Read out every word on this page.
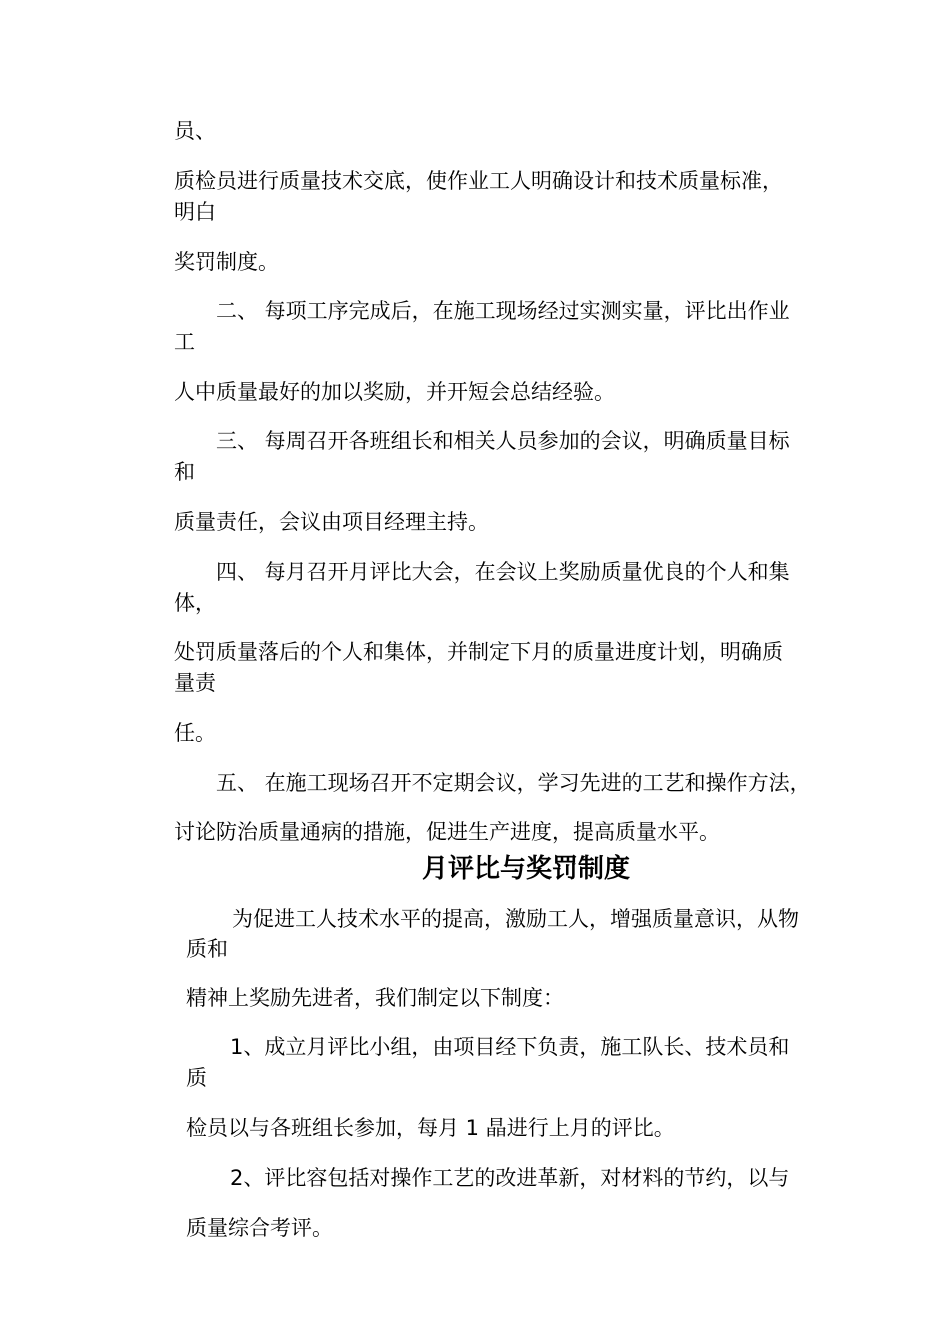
员、
质检员进行质量技术交底，使作业工人明确设计和技术质量标准，
明白
奖罚制度。
二、 每项工序完成后，在施工现场经过实测实量，评比出作业
工
人中质量最好的加以奖励，并开短会总结经验。
三、 每周召开各班组长和相关人员参加的会议，明确质量目标
和
质量责任，会议由项目经理主持。
四、 每月召开月评比大会，在会议上奖励质量优良的个人和集
体，
处罚质量落后的个人和集体，并制定下月的质量进度计划，明确质
量责
任。
五、 在施工现场召开不定期会议，学习先进的工艺和操作方法，
讨论防治质量通病的措施，促进生产进度，提高质量水平。
月评比与奖罚制度
为促进工人技术水平的提高，激励工人，增强质量意识，从物
质和
精神上奖励先进者，我们制定以下制度：
1、成立月评比小组，由项目经下负责，施工队长、技术员和
质
检员以与各班组长参加，每月 1 晶进行上月的评比。
2、评比容包括对操作工艺的改进革新，对材料的节约，以与
质量综合考评。
